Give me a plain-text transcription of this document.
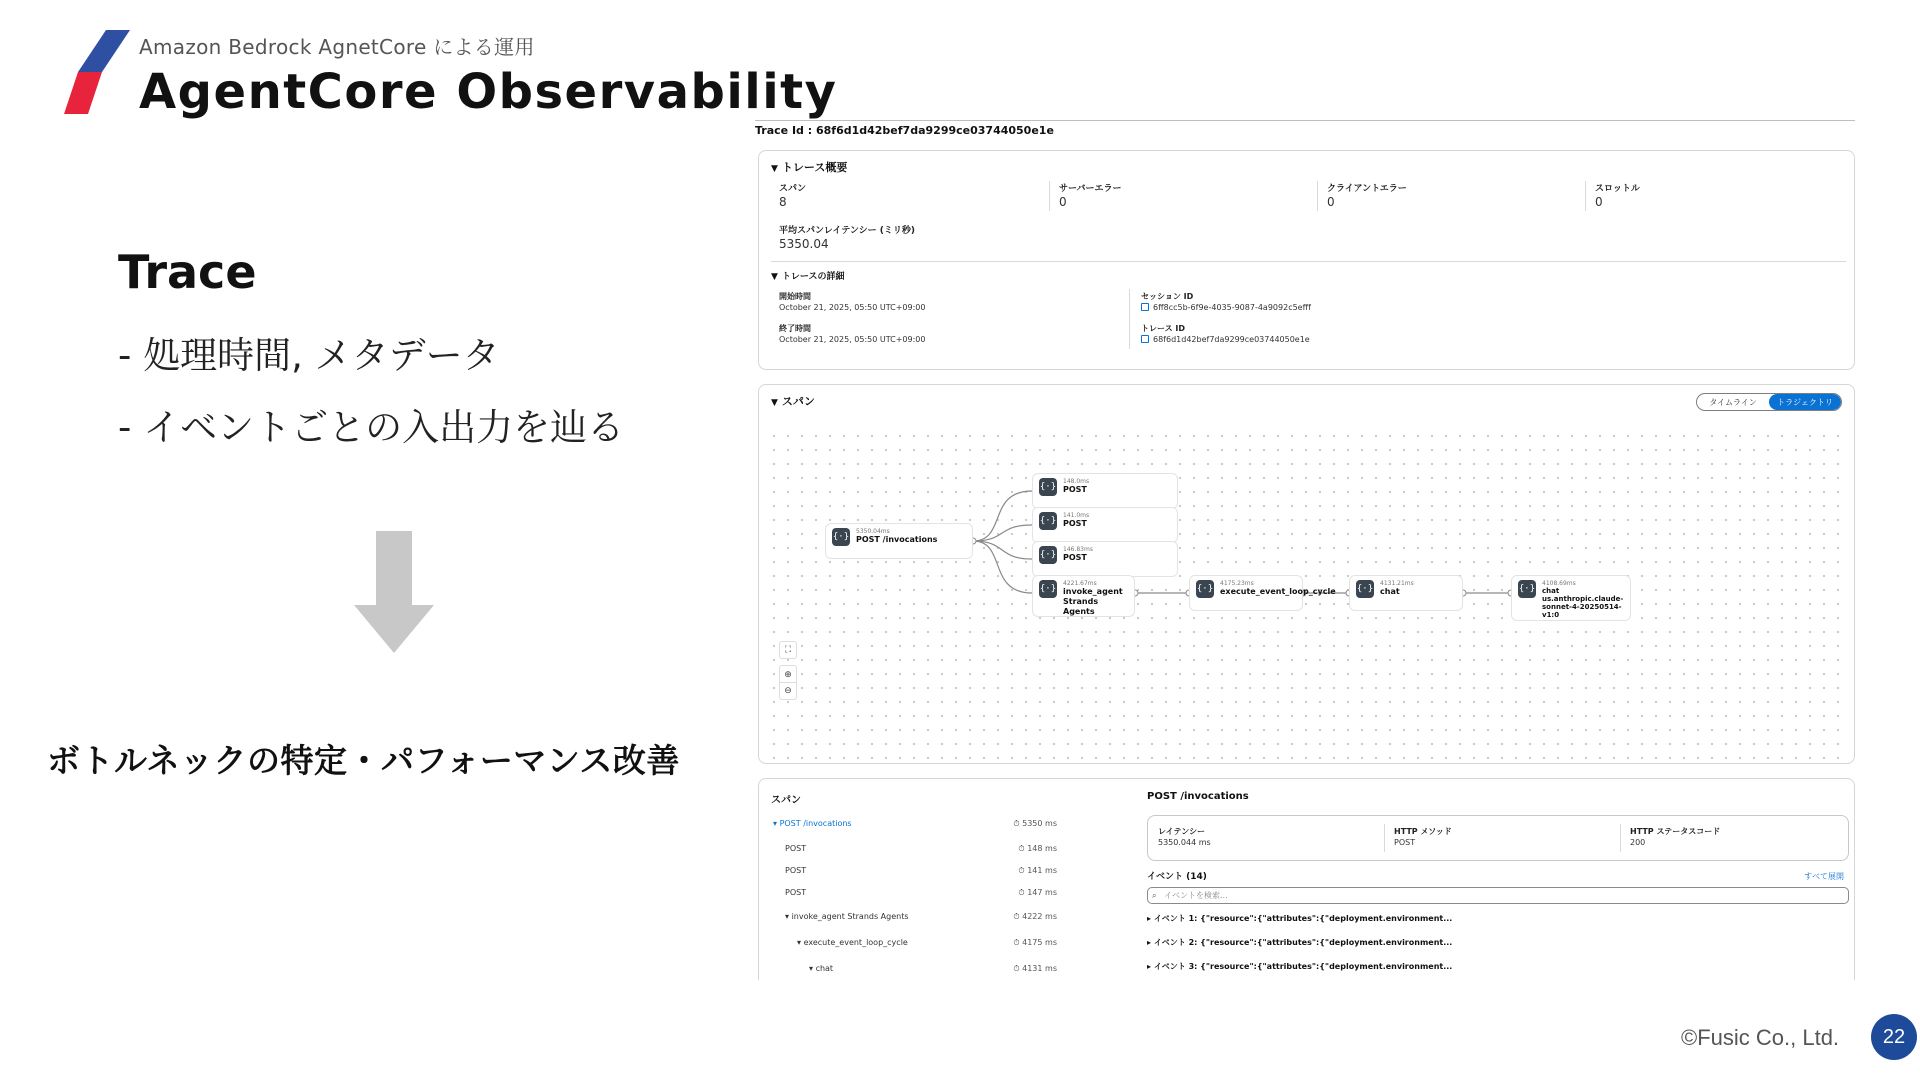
Amazon Bedrock AgnetCore による運用
AgentCore Observability
Trace
- 処理時間, メタデータ
- イベントごとの入出力を辿る
ボトルネックの特定・パフォーマンス改善
Trace Id : 68f6d1d42bef7da9299ce03744050e1e
▼ トレース概要
スパン
8
サーバーエラー
0
クライアントエラー
0
スロットル
0
平均スパンレイテンシー (ミリ秒)
5350.04
▼ トレースの詳細
開始時間
October 21, 2025, 05:50 UTC+09:00
終了時間
October 21, 2025, 05:50 UTC+09:00
セッション ID
6ff8cc5b-6f9e-4035-9087-4a9092c5efff
トレース ID
68f6d1d42bef7da9299ce03744050e1e
▼ スパン	タイムライン	トラジェクトリ
{·}
5350.04ms
POST /invocations
{·}
148.0ms
POST
{·}
141.0ms
POST
{·}
146.83ms
POST
{·}
4221.67ms
invoke_agent Strands Agents
{·}
4175.23ms
execute_event_loop_cycle {·}
4131.21ms
chat	{·}
4108.69ms
chat us.anthropic.claude-sonnet-4-20250514-v1:0
⛶
⊕
⊖
スパン
▾ POST /invocations	⏱ 5350 ms
POST	⏱ 148 ms
POST	⏱ 141 ms
POST	⏱ 147 ms
▾ invoke_agent Strands Agents	⏱ 4222 ms
▾ execute_event_loop_cycle	⏱ 4175 ms
▾ chat	⏱ 4131 ms
POST /invocations
レイテンシー
5350.044 ms
HTTP メソッド
POST
HTTP ステータスコード
200
イベント (14)	すべて展開
⌕ イベントを検索...
▸ イベント 1: {"resource":{"attributes":{"deployment.environment...
▸ イベント 2: {"resource":{"attributes":{"deployment.environment...
▸ イベント 3: {"resource":{"attributes":{"deployment.environment...
©Fusic Co., Ltd.	22
